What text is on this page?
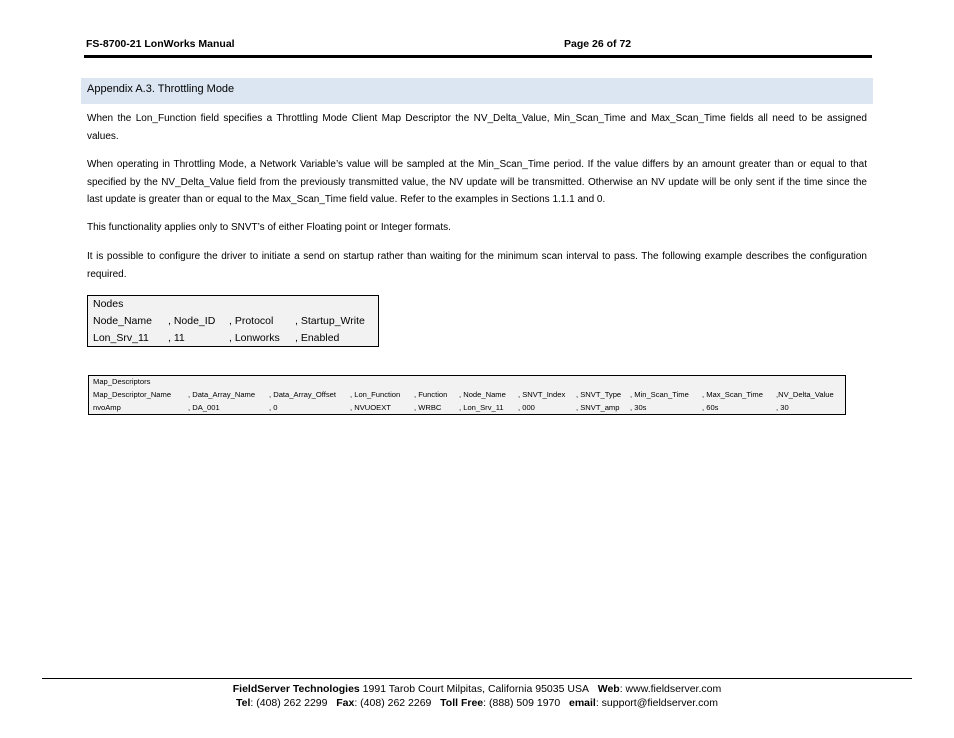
FS-8700-21 LonWorks Manual	Page 26 of 72
Appendix A.3. Throttling Mode
When the Lon_Function field specifies a Throttling Mode Client Map Descriptor the NV_Delta_Value, Min_Scan_Time and Max_Scan_Time fields all need to be assigned values.
When operating in Throttling Mode, a Network Variable’s value will be sampled at the Min_Scan_Time period. If the value differs by an amount greater than or equal to that specified by the NV_Delta_Value field from the previously transmitted value, the NV update will be transmitted. Otherwise an NV update will be only sent if the time since the last update is greater than or equal to the Max_Scan_Time field value. Refer to the examples in Sections 1.1.1 and 0.
This functionality applies only to SNVT’s of either Floating point or Integer formats.
It is possible to configure the driver to initiate a send on startup rather than waiting for the minimum scan interval to pass. The following example describes the configuration required.
Nodes
Node_Name , Node_ID , Protocol , Startup_Write
Lon_Srv_11 , 11	, Lonworks , Enabled
Map_Descriptors
Map_Descriptor_Name , Data_Array_Name , Data_Array_Offset , Lon_Function , Function , Node_Name , SNVT_Index , SNVT_Type , Min_Scan_Time , Max_Scan_Time ,NV_Delta_Value
nvoAmp	, DA_001	, 0	, NVUOEXT	, WRBC , Lon_Srv_11 , 000	, SNVT_amp , 30s	, 60s	, 30
FieldServer Technologies 1991 Tarob Court Milpitas, California 95035 USA Web: www.fieldserver.com
Tel: (408) 262 2299 Fax: (408) 262 2269 Toll Free: (888) 509 1970 email: support@fieldserver.com
